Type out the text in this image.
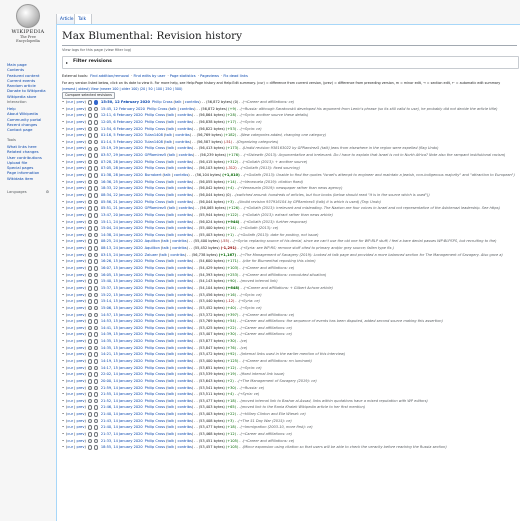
WIKIPEDIA
The Free Encyclopedia
Main page
Contents
Featured content
Current events
Random article
Donate to Wikipedia
Wikipedia store
Interaction
Help
About Wikipedia
Community portal
Recent changes
Contact page
Tools
What links here
Related changes
User contributions
Upload file
Special pages
Page information
Wikidata item
Languages	⚙
Article	Talk
Max Blumenthal: Revision history
View logs for this page (view filter log)
▸ Filter revisions
External tools: Find addition/removal · Find edits by user · Page statistics · Pageviews · Fix dead links
For any version listed below, click on its date to view it. For more help, see Help:Page history and Help:Edit summary. (cur) = difference from current version, (prev) = difference from preceding version, m = minor edit, → = section edit, ← = automatic edit summary
(newest | oldest) View (newer 100 | older 100) (20 | 50 | 100 | 250 | 500)
Compare selected revisions
• (cur | prev)	15:50, 12 February 2020 Philip Cross (talk | contribs) . . (56,872 bytes) (0) . . (→Career and affiliations: ce)
• (cur | prev)	15:45, 12 February 2020 Philip Cross (talk | contribs) . . (56,872 bytes) (+9) . . (→Russia: although Sarakovskii developed his argument from Lenin's phrase (so its still valid to use), he probably did not decide the article title)
• (cur | prev)	12:11, 6 February 2020 Philip Cross (talk | contribs) . . (56,864 bytes) (+28) . . (→Syria: another source these details)
• (cur | prev)	12:05, 6 February 2020 Philip Cross (talk | contribs) . . (56,838 bytes) (+17) . . (→Syria: ce)
• (cur | prev)	11:54, 6 February 2020 Philip Cross (talk | contribs) . . (56,822 bytes) (+53) . . (→Syria: ce)
• (cur | prev)	01:16, 5 February 2020 Tulan1408 (talk | contribs) . . (56,769 bytes) (+182) . . (New categories added, changing one category)
• (cur | prev)	01:14, 5 February 2020 Tulan1408 (talk | contribs) . . (56,587 bytes) (-51) . . (Organizing categories)
• (cur | prev)	15:19, 29 January 2020 Philip Cross (talk | contribs) . . (56,413 bytes) (+173) . . (Undid revision 938163022 by GPRamirez5 (talk) Jews from elsewhere in the region were expelled (flag Undo)
• (cur | prev)	03:57, 29 January 2020 GPRamirez5 (talk | contribs) . . (56,239 bytes) (+176) . . (→Sistewth (2013): Argumentative and irrelevant. Do I have to explain that Israel is not in North Africa? Note also the rampant institutional racism)
• (cur | prev)	07:28, 28 January 2020 Philip Cross (talk | contribs) . . (56,415 bytes) (+312) . . (→Goliath (2013): + another source)
• (cur | prev)	07:05, 28 January 2020 Philip Cross (talk | contribs) . . (56,103 bytes) (-312) . . (→Goliath (2013): fixed sourcing)
• (cur | prev)	01:38, 28 January 2020 Burrobert (talk | contribs) . . (56,104 bytes) (+1,010) . . (→Goliath (2013): Unable to find the quotes "Israel's attempt to engineer and maintain a Jewish, non-indigenous majority" and "attraction to European")
• (cur | prev)	16:36, 25 January 2020 Philip Cross (talk | contribs) . . (56,055 bytes) (+14) . . (→Venezuela (2019): citation fixed)
• (cur | prev)	18:33, 22 January 2020 Philip Cross (talk | contribs) . . (56,042 bytes) (+4) . . (→Venezuela (2019): newspaper rather than news agency)
• (cur | prev)	08:34, 22 January 2020 Philip Cross (talk | contribs) . . (56,044 bytes) (0) . . (switched around: hundreds of articles, but four books (below should read "it is in the source which is used"))
• (cur | prev)	05:56, 21 January 2020 Philip Cross (talk | contribs) . . (56,044 bytes) (+3) . . (Undid revision 937916104 by GPRamirez5 (talk) it is which is used) (Tag: Undo)
• (cur | prev)	05:51, 21 January 2020 GPRamirez5 (talk | contribs) . . (56,065 bytes) (+126) . . (→Goliath (2013): irrelevant and misleading. The Nazism are four voices in Israel and not representative of the Ashkenazi leadership. See https)
• (cur | prev)	13:47, 20 January 2020 Philip Cross (talk | contribs) . . (55,944 bytes) (+122) . . (→Goliath (2013): extract rather than news article)
• (cur | prev)	15:11, 24 January 2020 Philip Cross (talk | contribs) . . (56,024 bytes) (+944) . . (→Goliath (2013): further response)
• (cur | prev)	15:04, 24 January 2020 Philip Cross (talk | contribs) . . (55,400 bytes) (+14) . . (→Goliath (2013): ce)
• (cur | prev)	14:38, 24 January 2020 Philip Cross (talk | contribs) . . (55,403 bytes) (+1) . . (→Goliath (2013): date for posting, not issue)
• (cur | prev)	08:25, 24 January 2020 Aquillion (talk | contribs) . . (55,400 bytes) (-55) . . (→Syria: replacing source of his denial, since we can't use the old one for WP:BLP stuff; I feel a bare denial passes WP:BLPSPS, but recruiting to the)
• (cur | prev)	08:13, 24 January 2020 Aquillion (talk | contribs) . . (55,452 bytes) (-1,291) . . (→Syria: see WP:RS; remove stuff cited to primary and/or grey source; fallen type fix.)
• (cur | prev)	03:15, 24 January 2020 Zaluzer (talk | contribs) . . (56,738 bytes) (+1,167) . . (→The Management of Savagery (2019): Looked at talk page and provided a more balanced section for The Management of Savagery. Also gave a)
• (cur | prev)	16:26, 15 January 2020 Philip Cross (talk | contribs) . . (54,600 bytes) (+171) . . (cite for Blumenthal reposting this claim)
• (cur | prev)	16:07, 15 January 2020 Philip Cross (talk | contribs) . . (54,429 bytes) (+103) . . (→Career and affiliations: ce)
• (cur | prev)	16:05, 15 January 2020 Philip Cross (talk | contribs) . . (54,393 bytes) (+253) . . (→Career and affiliations: convoluted situation)
• (cur | prev)	15:40, 15 January 2020 Philip Cross (talk | contribs) . . (54,143 bytes) (+90) . . (moved internal link)
• (cur | prev)	15:37, 15 January 2020 Philip Cross (talk | contribs) . . (54,104 bytes) (+648) . . (→Career and affiliations: + Gilbert Achcar article)
• (cur | prev)	15:22, 15 January 2020 Philip Cross (talk | contribs) . . (53,456 bytes) (+16) . . (→Syria: ce)
• (cur | prev)	15:14, 15 January 2020 Philip Cross (talk | contribs) . . (53,440 bytes) (-12) . . (→Syria: ce)
• (cur | prev)	15:06, 15 January 2020 Philip Cross (talk | contribs) . . (53,452 bytes) (+40) . . (→Syria: ce)
• (cur | prev)	14:57, 15 January 2020 Philip Cross (talk | contribs) . . (53,372 bytes) (+397) . . (→Career and affiliations: ce)
• (cur | prev)	14:53, 15 January 2020 Philip Cross (talk | contribs) . . (53,769 bytes) (+54) . . (→Career and affiliations: the sequence of events has been disputed, added second source making this assertion)
• (cur | prev)	14:41, 15 January 2020 Philip Cross (talk | contribs) . . (53,425 bytes) (+22) . . (→Career and affiliations: ce)
• (cur | prev)	14:39, 15 January 2020 Philip Cross (talk | contribs) . . (53,407 bytes) (+30) . . (→Career and affiliations: ce)
• (cur | prev)	14:35, 15 January 2020 Philip Cross (talk | contribs) . . (53,877 bytes) (+30) . . (ce)
• (cur | prev)	14:35, 15 January 2020 Philip Cross (talk | contribs) . . (53,847 bytes) (+76) . . (ce)
• (cur | prev)	14:21, 15 January 2020 Philip Cross (talk | contribs) . . (53,472 bytes) (+92) . . (Internal links used in the earlier mention of this interview)
• (cur | prev)	14:19, 15 January 2020 Philip Cross (talk | contribs) . . (53,400 bytes) (+125) . . (→Career and affiliations: rm luminant)
• (cur | prev)	14:17, 15 January 2020 Philip Cross (talk | contribs) . . (53,651 bytes) (+12) . . (→Syria: ce)
• (cur | prev)	22:02, 14 January 2020 Philip Cross (talk | contribs) . . (53,539 bytes) (+19) . . (fixed internal link issue)
• (cur | prev)	20:00, 14 January 2020 Philip Cross (talk | contribs) . . (53,643 bytes) (+2) . . (→The Management of Savagery (2019): ce)
• (cur | prev)	21:59, 14 January 2020 Philip Cross (talk | contribs) . . (53,541 bytes) (+30) . . (→Russia: ce)
• (cur | prev)	21:55, 14 January 2020 Philip Cross (talk | contribs) . . (53,511 bytes) (+4) . . (→Syria: ce)
• (cur | prev)	21:52, 14 January 2020 Philip Cross (talk | contribs) . . (53,477 bytes) (+18) . . (moved internal link to Bashar al-Assad, links within quotations have a mixed reputation with WP editors)
• (cur | prev)	21:46, 14 January 2020 Philip Cross (talk | contribs) . . (53,403 bytes) (+65) . . (moved link to the Rania Khalek Wikipedia article to her first mention)
• (cur | prev)	21:40, 14 January 2020 Philip Cross (talk | contribs) . . (53,403 bytes) (+22) . . (→Hillary Clinton and Elie Wiesel: ce)
• (cur | prev)	21:43, 14 January 2020 Philip Cross (talk | contribs) . . (53,408 bytes) (+3) . . (→The 51 Day War (2015): ce)
• (cur | prev)	21:40, 14 January 2020 Philip Cross (talk | contribs) . . (53,477 bytes) (+18) . . (→Immigration (2003-10, more first): ce)
• (cur | prev)	21:37, 14 January 2020 Philip Cross (talk | contribs) . . (53,468 bytes) (+12) . . (→Career and affiliations: ce)
• (cur | prev)	21:33, 14 January 2020 Philip Cross (talk | contribs) . . (53,451 bytes) (+105) . . (→Career and affiliations: ce)
• (cur | prev)	18:55, 14 January 2020 Philip Cross (talk | contribs) . . (53,457 bytes) (+105) . . (Minor expansion using citation so that users will be able to check the veracity before reaching the Russia section)
